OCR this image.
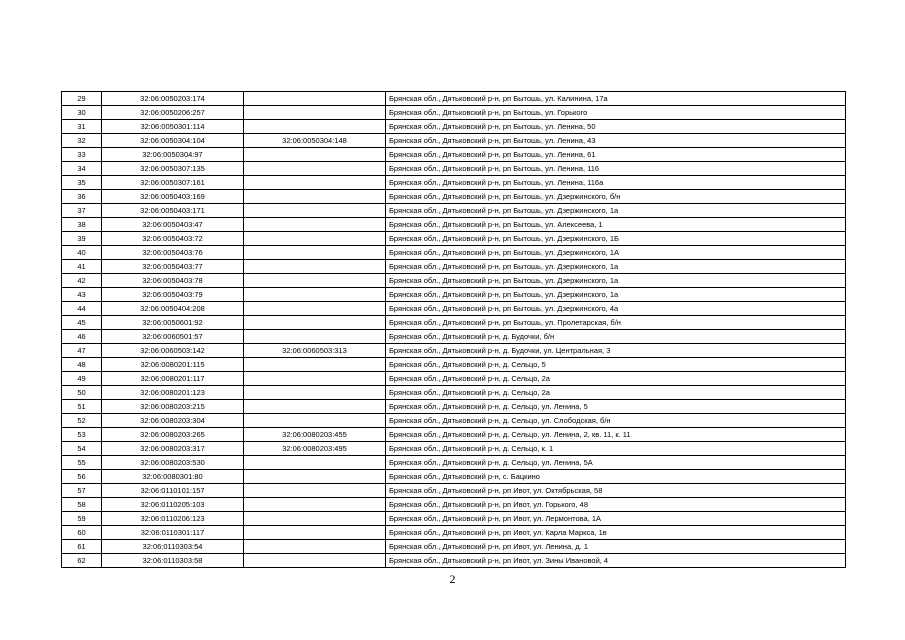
29	32:06:0050203:174		Брянская обл., Дятьковский р-н, рп Бытошь, ул. Калинина, 17а
30	32:06:0050206:257		Брянская обл., Дятьковский р-н, рп Бытошь, ул. Горького
31	32:06:0050301:114		Брянская обл., Дятьковский р-н, рп Бытошь, ул. Ленина, 50
32	32:06:0050304:104	32:06:0050304:148	Брянская обл., Дятьковский р-н, рп Бытошь, ул. Ленина, 43
33	32:06:0050304:97		Брянская обл., Дятьковский р-н, рп Бытошь, ул. Ленина, 61
34	32:06:0050307:135		Брянская обл., Дятьковский р-н, рп Бытошь, ул. Ленина, 116
35	32:06:0050307:161		Брянская обл., Дятьковский р-н, рп Бытошь, ул. Ленина, 116а
36	32:06:0050403:169		Брянская обл., Дятьковский р-н, рп Бытошь, ул. Дзержинского, б/н
37	32:06:0050403:171		Брянская обл., Дятьковский р-н, рп Бытошь, ул. Дзержинского, 1а
38	32:06:0050403:47		Брянская обл., Дятьковский р-н, рп Бытошь, ул. Алексеева, 1
39	32:06:0050403:72		Брянская обл., Дятьковский р-н, рп Бытошь, ул. Дзержинского, 1Б
40	32:06:0050403:76		Брянская обл., Дятьковский р-н, рп Бытошь, ул. Дзержинского, 1А
41	32:06:0050403:77		Брянская обл., Дятьковский р-н, рп Бытошь, ул. Дзержинского, 1а
42	32:06:0050403:78		Брянская обл., Дятьковский р-н, рп Бытошь, ул. Дзержинского, 1а
43	32:06:0050403:79		Брянская обл., Дятьковский р-н, рп Бытошь, ул. Дзержинского, 1а
44	32:06:0050404:208		Брянская обл., Дятьковский р-н, рп Бытошь, ул. Дзержинского, 4а
45	32:06:0050601:92		Брянская обл., Дятьковский р-н, рп Бытошь, ул. Пролетарская, б/н
46	32:06:0060501:57		Брянская обл., Дятьковский р-н, д. Будочки, б/н
47	32:06:0060503:142	32:06:0060503:313	Брянская обл., Дятьковский р-н, д. Будочки, ул. Центральная, 3
48	32:06:0080201:115		Брянская обл., Дятьковский р-н, д. Сельцо, 5
49	32:06:0080201:117		Брянская обл., Дятьковский р-н, д. Сельцо, 2а
50	32:06:0080201:123		Брянская обл., Дятьковский р-н, д. Сельцо, 2а
51	32:06:0080203:215		Брянская обл., Дятьковский р-н, д. Сельцо, ул. Ленина, 5
52	32:06:0080203:304		Брянская обл., Дятьковский р-н, д. Сельцо, ул. Слободская, б/н
53	32:06:0080203:265	32:06:0080203:455	Брянская обл., Дятьковский р-н, д. Сельцо, ул. Ленина, 2, кв. 11, к. 11
54	32:06:0080203:317	32:06:0080203:495	Брянская обл., Дятьковский р-н, д. Сельцо, к. 1
55	32:06:0080203:530		Брянская обл., Дятьковский р-н, д. Сельцо, ул. Ленина, 5А
56	32:06:0080301:80		Брянская обл., Дятьковский р-н, с. Бацкино
57	32:06:0110101:157		Брянская обл., Дятьковский р-н, рп Ивот, ул. Октябрьская, 58
58	32:06:0110205:103		Брянская обл., Дятьковский р-н, рп Ивот, ул. Горького, 48
59	32:06:0110206:123		Брянская обл., Дятьковский р-н, рп Ивот, ул. Лермонтова, 1А
60	32:06:0110301:117		Брянская обл., Дятьковский р-н, рп Ивот, ул. Карла Маркса, 1в
61	32:06:0110303:54		Брянская обл., Дятьковский р-н, рп Ивот, ул. Ленина, д. 1
62	32:06:0110303:58		Брянская обл., Дятьковский р-н, рп Ивот, ул. Зины Ивановой, 4
2
